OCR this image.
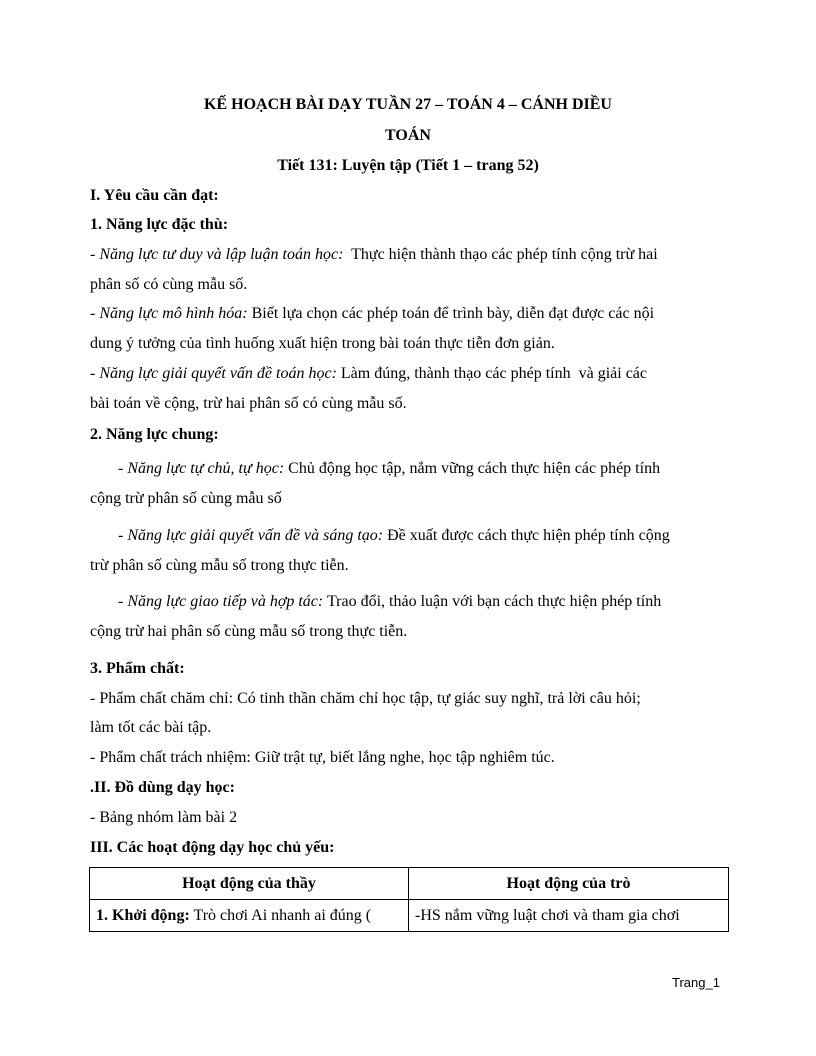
KẾ HOẠCH BÀI DẠY TUẦN 27 – TOÁN 4 – CÁNH DIỀU
TOÁN
Tiết 131: Luyện tập (Tiết 1 – trang 52)
I. Yêu cầu cần đạt:
1. Năng lực đặc thù:
- Năng lực tư duy và lập luận toán học:  Thực hiện thành thạo các phép tính cộng trừ hai
phân số có cùng mẫu số.
- Năng lực mô hình hóa: Biết lựa chọn các phép toán để trình bày, diễn đạt được các nội
dung ý tưởng của tình huống xuất hiện trong bài toán thực tiễn đơn giản.
- Năng lực giải quyết vấn đề toán học: Làm đúng, thành thạo các phép tính  và giải các
bài toán về cộng, trừ hai phân số có cùng mẫu số.
2. Năng lực chung:
- Năng lực tự chủ, tự học: Chủ động học tập, nắm vững cách thực hiện các phép tính
cộng trừ phân số cùng mẫu số
- Năng lực giải quyết vấn đề và sáng tạo: Đề xuất được cách thực hiện phép tính cộng
trừ phân số cùng mẫu số trong thực tiễn.
- Năng lực giao tiếp và hợp tác: Trao đổi, thảo luận với bạn cách thực hiện phép tính
cộng trừ hai phân số cùng mẫu số trong thực tiễn.
3. Phẩm chất:
- Phẩm chất chăm chỉ: Có tinh thần chăm chỉ học tập, tự giác suy nghĩ, trả lời câu hỏi;
làm tốt các bài tập.
- Phẩm chất trách nhiệm: Giữ trật tự, biết lắng nghe, học tập nghiêm túc.
.II. Đồ dùng dạy học:
- Bảng nhóm làm bài 2
III. Các hoạt động dạy học chủ yếu:
Hoạt động của thầy	Hoạt động của trò
1. Khởi động: Trò chơi Ai nhanh ai đúng (	-HS nắm vững luật chơi và tham gia chơi
Trang_1
